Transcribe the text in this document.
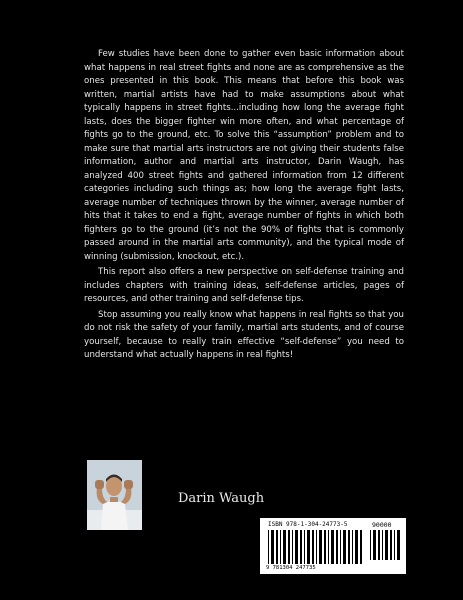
Few studies have been done to gather even basic information about what happens in real street fights and none are as comprehensive as the ones presented in this book. This means that before this book was written, martial artists have had to make assumptions about what typically happens in street fights...including how long the average fight lasts, does the bigger fighter win more often, and what percentage of fights go to the ground, etc. To solve this “assumption” problem and to make sure that martial arts instructors are not giving their students false information, author and martial arts instructor, Darin Waugh, has analyzed 400 street fights and gathered information from 12 different categories including such things as; how long the average fight lasts, average number of techniques thrown by the winner, average number of hits that it takes to end a fight, average number of fights in which both fighters go to the ground (it’s not the 90% of fights that is commonly passed around in the martial arts community), and the typical mode of winning (submission, knockout, etc.).

This report also offers a new perspective on self-defense training and includes chapters with training ideas, self-defense articles, pages of resources, and other training and self-defense tips.

Stop assuming you really know what happens in real fights so that you do not risk the safety of your family, martial arts students, and of course yourself, because to really train effective “self-defense” you need to understand what actually happens in real fights!

Darin Waugh
ISBN 978-1-304-24773-5	90000
9 781304 247735
